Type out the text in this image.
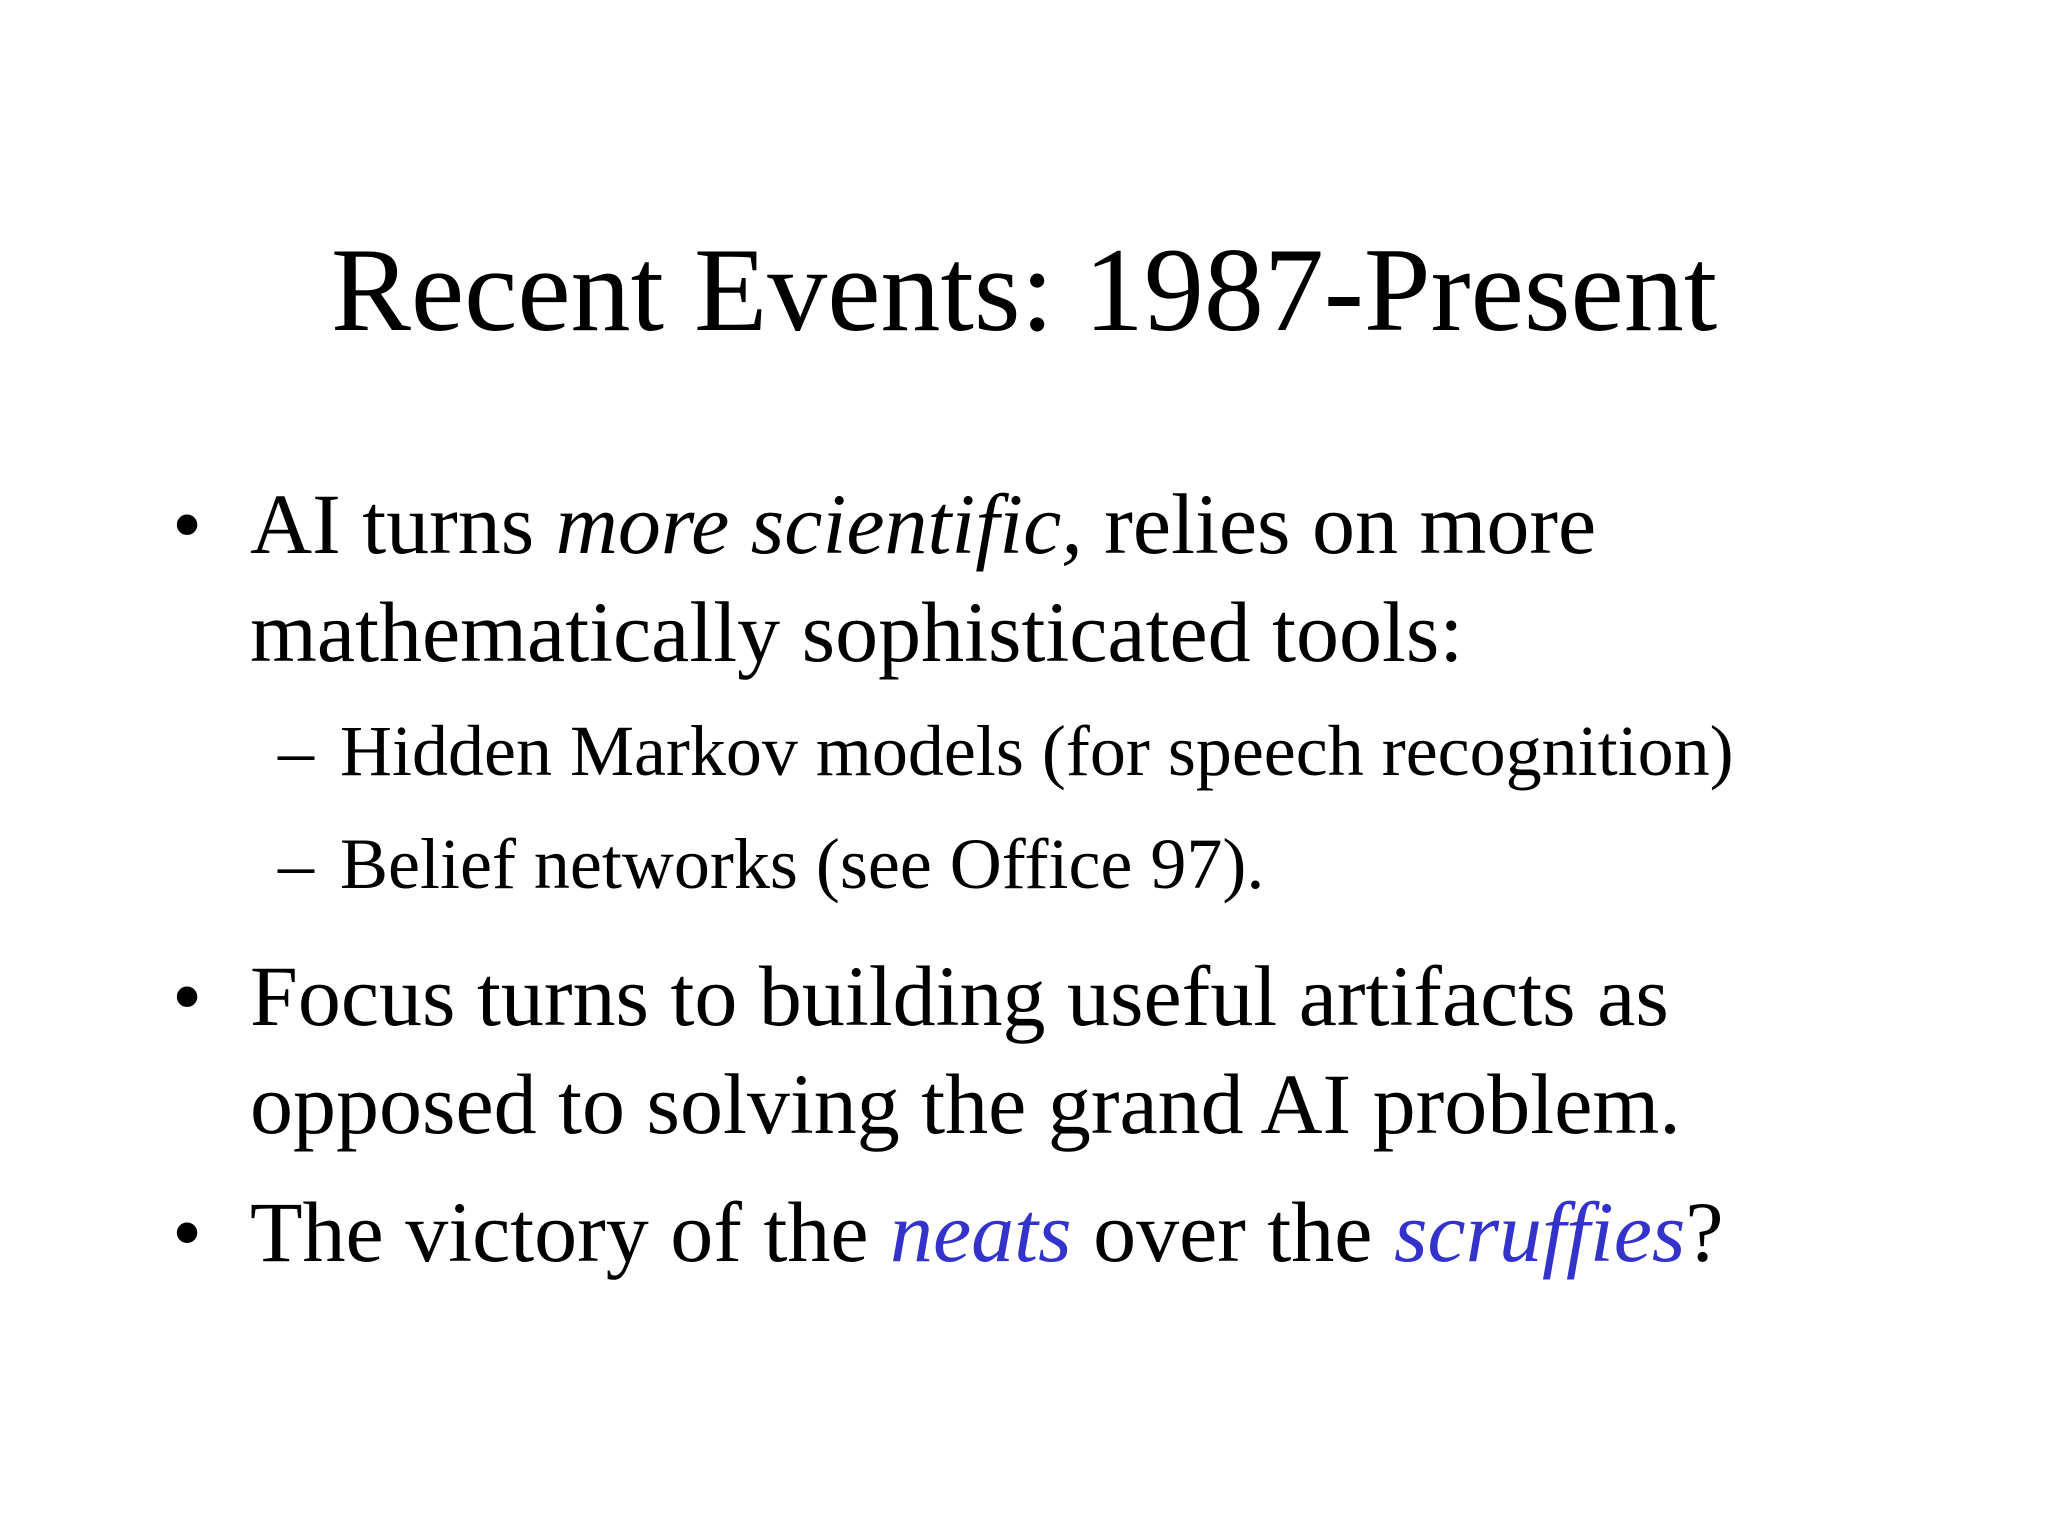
Recent Events: 1987-Present
• AI turns more scientific, relies on more
mathematically sophisticated tools:
– Hidden Markov models (for speech recognition)
– Belief networks (see Office 97).
• Focus turns to building useful artifacts as
opposed to solving the grand AI problem.
• The victory of the neats over the scruffies?
